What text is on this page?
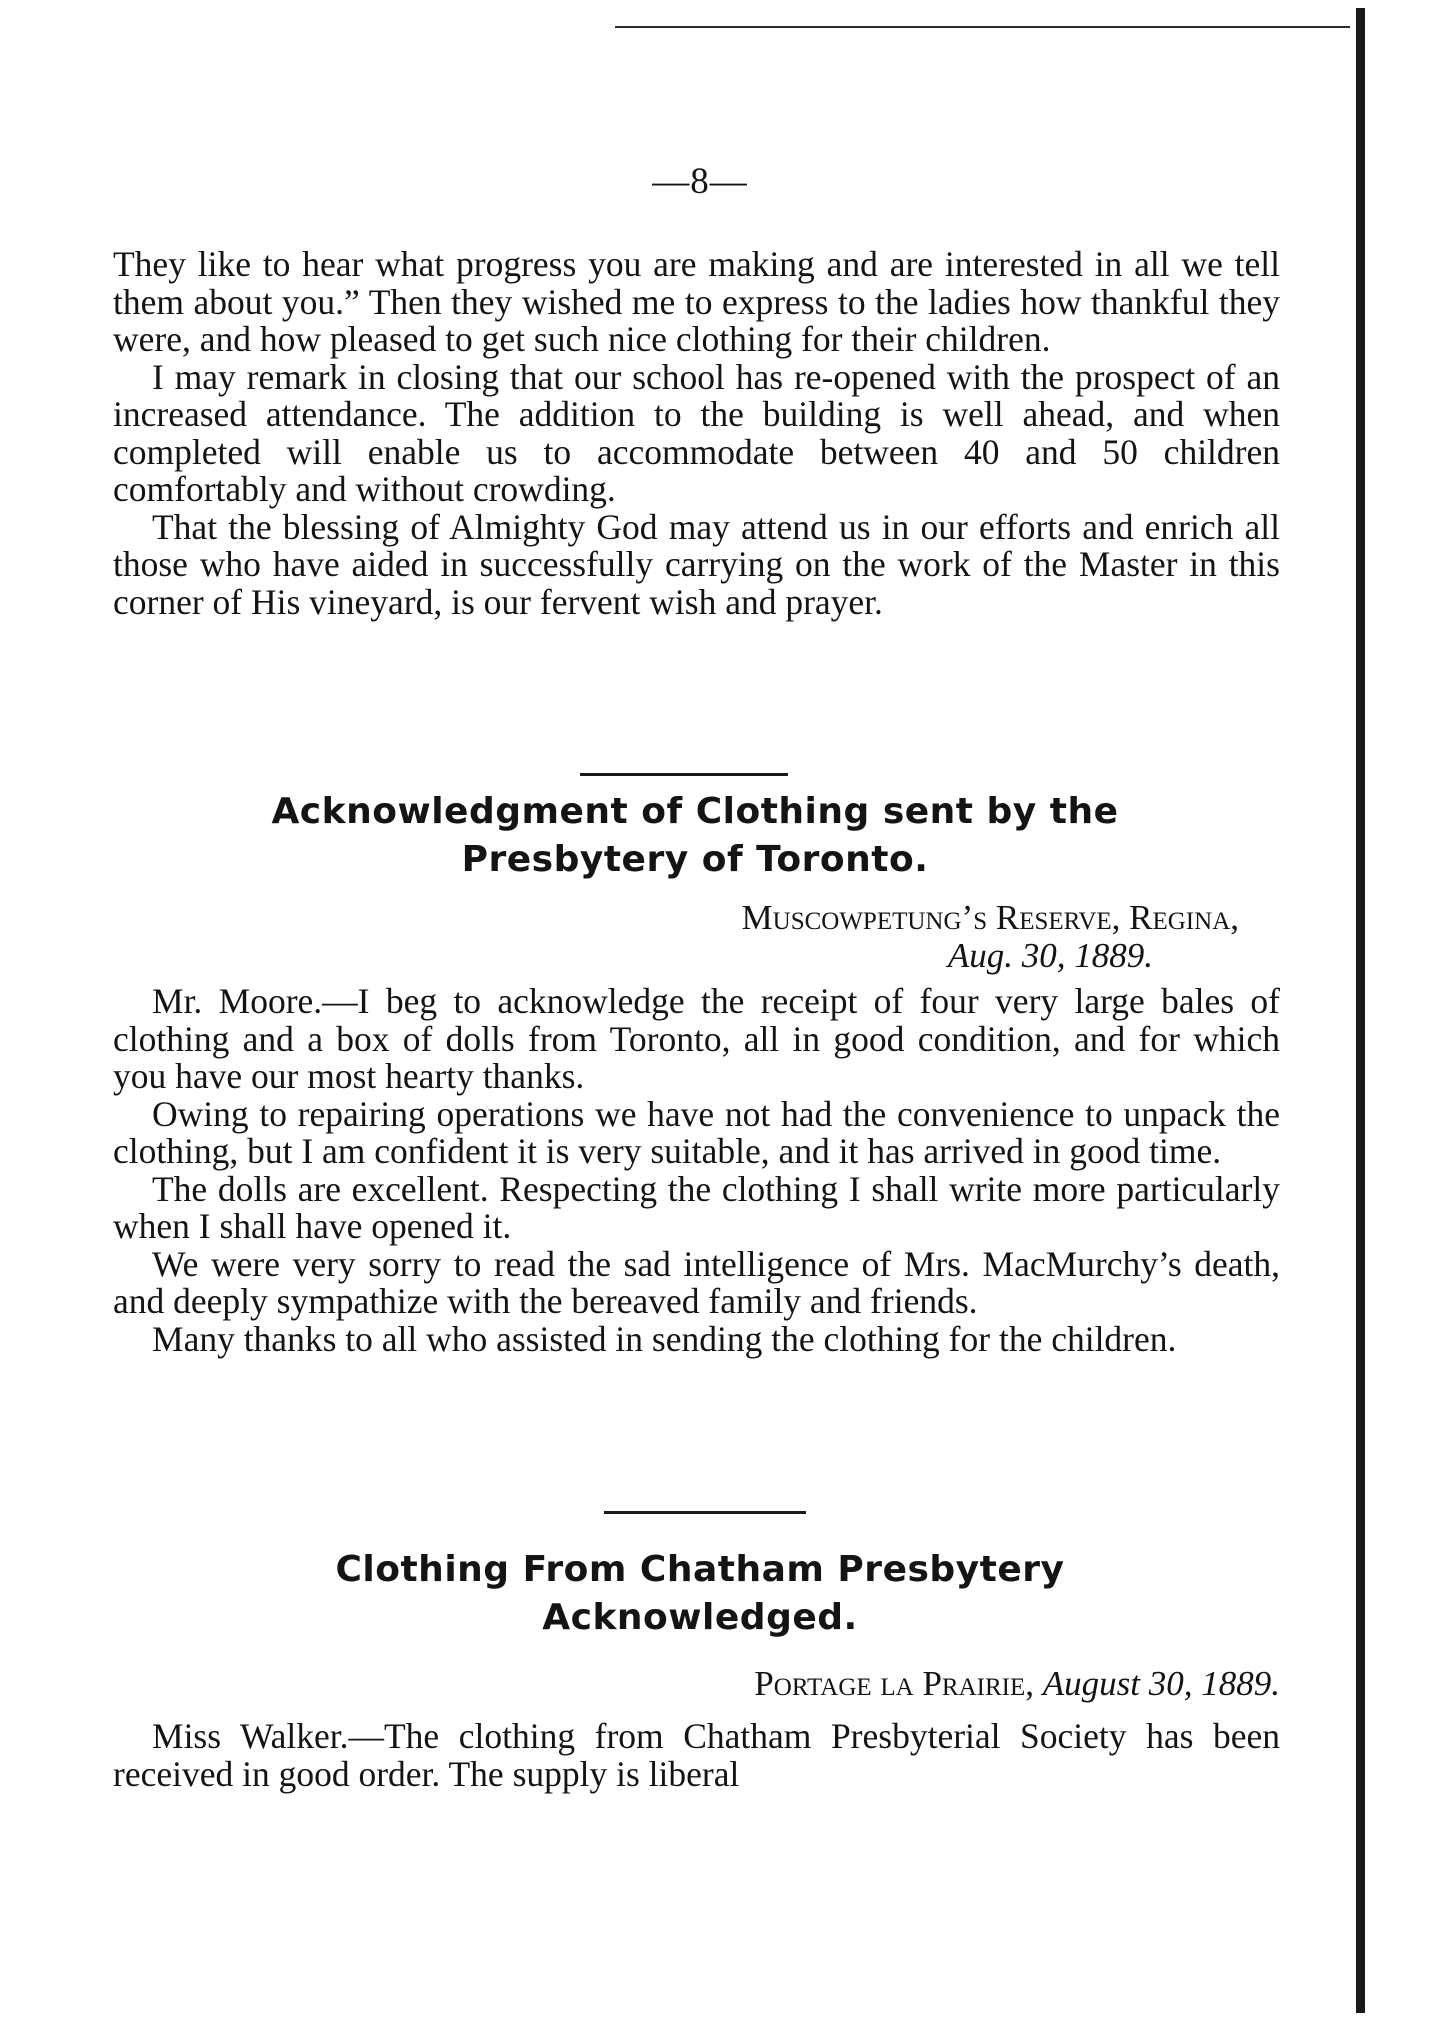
—8—

They like to hear what progress you are making and are interested in all we tell them about you.” Then they wished me to express to the ladies how thankful they were, and how pleased to get such nice clothing for their children.

I may remark in closing that our school has re-opened with the prospect of an increased attendance. The addition to the building is well ahead, and when completed will enable us to accommodate between 40 and 50 children comfortably and without crowding.

That the blessing of Almighty God may attend us in our efforts and enrich all those who have aided in successfully carrying on the work of the Master in this corner of His vineyard, is our fervent wish and prayer.

Acknowledgment of Clothing sent by the
Presbytery of Toronto.
Muscowpetung’s Reserve, Regina,
Aug. 30, 1889.

Mr. Moore.—I beg to acknowledge the receipt of four very large bales of clothing and a box of dolls from Toronto, all in good condition, and for which you have our most hearty thanks.

Owing to repairing operations we have not had the convenience to unpack the clothing, but I am confident it is very suitable, and it has arrived in good time.

The dolls are excellent. Respecting the clothing I shall write more particularly when I shall have opened it.

We were very sorry to read the sad intelligence of Mrs. MacMurchy’s death, and deeply sympathize with the bereaved family and friends.

Many thanks to all who assisted in sending the clothing for the children.

Clothing From Chatham Presbytery
Acknowledged.
Portage la Prairie, August 30, 1889.

Miss Walker.—The clothing from Chatham Presbyterial Society has been received in good order. The supply is liberal
